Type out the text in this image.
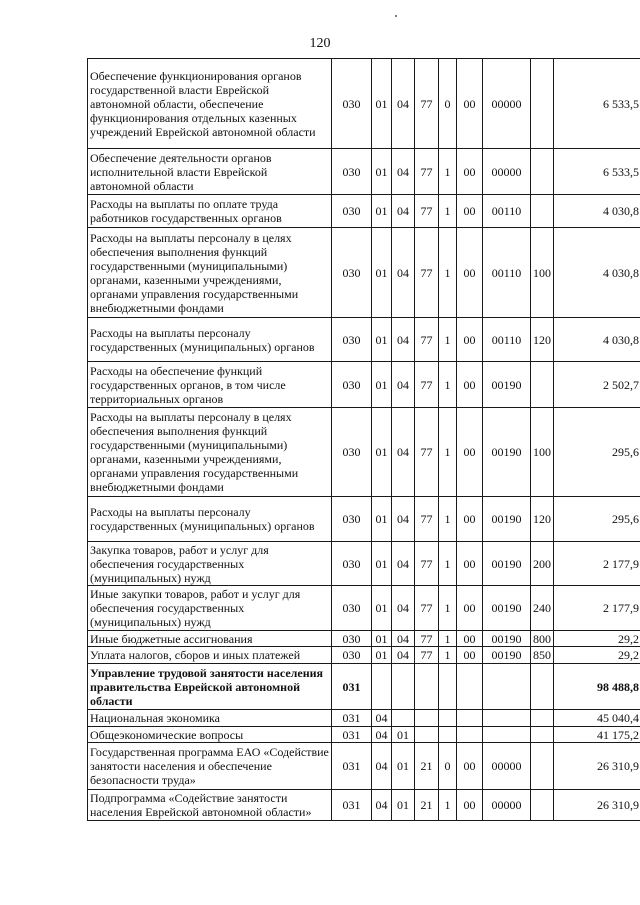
120
Обеспечение функционирования органов государственной власти Еврейской автономной области, обеспечение функционирования отдельных казенных учреждений Еврейской автономной области	030	01	04	77	0	00	00000		6 533,5
Обеспечение деятельности органов исполнительной власти Еврейской автономной области	030	01	04	77	1	00	00000		6 533,5
Расходы на выплаты по оплате труда работников государственных органов	030	01	04	77	1	00	00110		4 030,8
Расходы на выплаты персоналу в целях обеспечения выполнения функций государственными (муниципальными) органами, казенными учреждениями, органами управления государственными внебюджетными фондами	030	01	04	77	1	00	00110	100	4 030,8
Расходы на выплаты персоналу государственных (муниципальных) органов	030	01	04	77	1	00	00110	120	4 030,8
Расходы на обеспечение функций государственных органов, в том числе территориальных органов	030	01	04	77	1	00	00190		2 502,7
Расходы на выплаты персоналу в целях обеспечения выполнения функций государственными (муниципальными) органами, казенными учреждениями, органами управления государственными внебюджетными фондами	030	01	04	77	1	00	00190	100	295,6
Расходы на выплаты персоналу государственных (муниципальных) органов	030	01	04	77	1	00	00190	120	295,6
Закупка товаров, работ и услуг для обеспечения государственных (муниципальных) нужд	030	01	04	77	1	00	00190	200	2 177,9
Иные закупки товаров, работ и услуг для обеспечения государственных (муниципальных) нужд	030	01	04	77	1	00	00190	240	2 177,9
Иные бюджетные ассигнования	030	01	04	77	1	00	00190	800	29,2
Уплата налогов, сборов и иных платежей	030	01	04	77	1	00	00190	850	29,2
Управление трудовой занятости населения правительства Еврейской автономной области	031								98 488,8
Национальная экономика	031	04							45 040,4
Общеэкономические вопросы	031	04	01						41 175,2
Государственная программа ЕАО «Содействие занятости населения и обеспечение безопасности труда»	031	04	01	21	0	00	00000		26 310,9
Подпрограмма «Содействие занятости населения Еврейской автономной области»	031	04	01	21	1	00	00000		26 310,9
